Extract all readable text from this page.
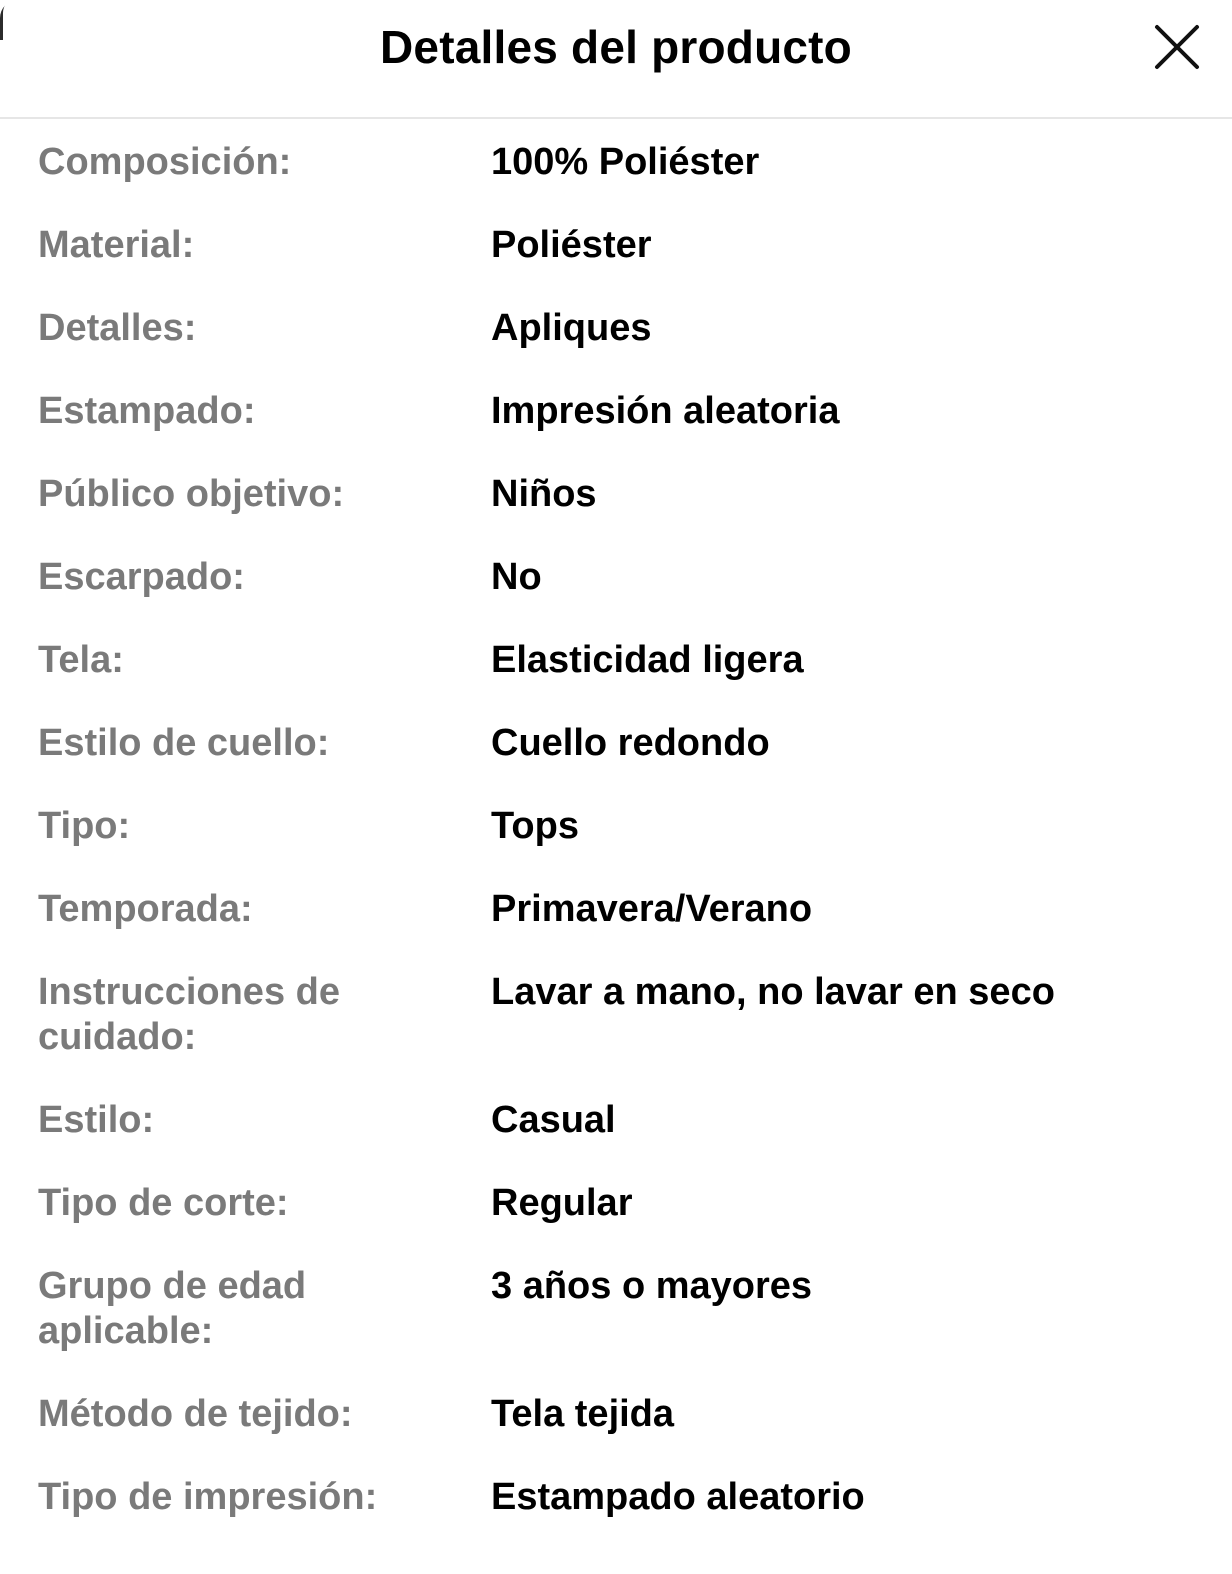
Detalles del producto
Composición:	100% Poliéster
Material:	Poliéster
Detalles:	Apliques
Estampado:	Impresión aleatoria
Público objetivo:	Niños
Escarpado:	No
Tela:	Elasticidad ligera
Estilo de cuello:	Cuello redondo
Tipo:	Tops
Temporada:	Primavera/Verano
Instrucciones de cuidado:
Lavar a mano, no lavar en seco
Estilo:	Casual
Tipo de corte:	Regular
Grupo de edad aplicable:
3 años o mayores
Método de tejido:	Tela tejida
Tipo de impresión:	Estampado aleatorio
